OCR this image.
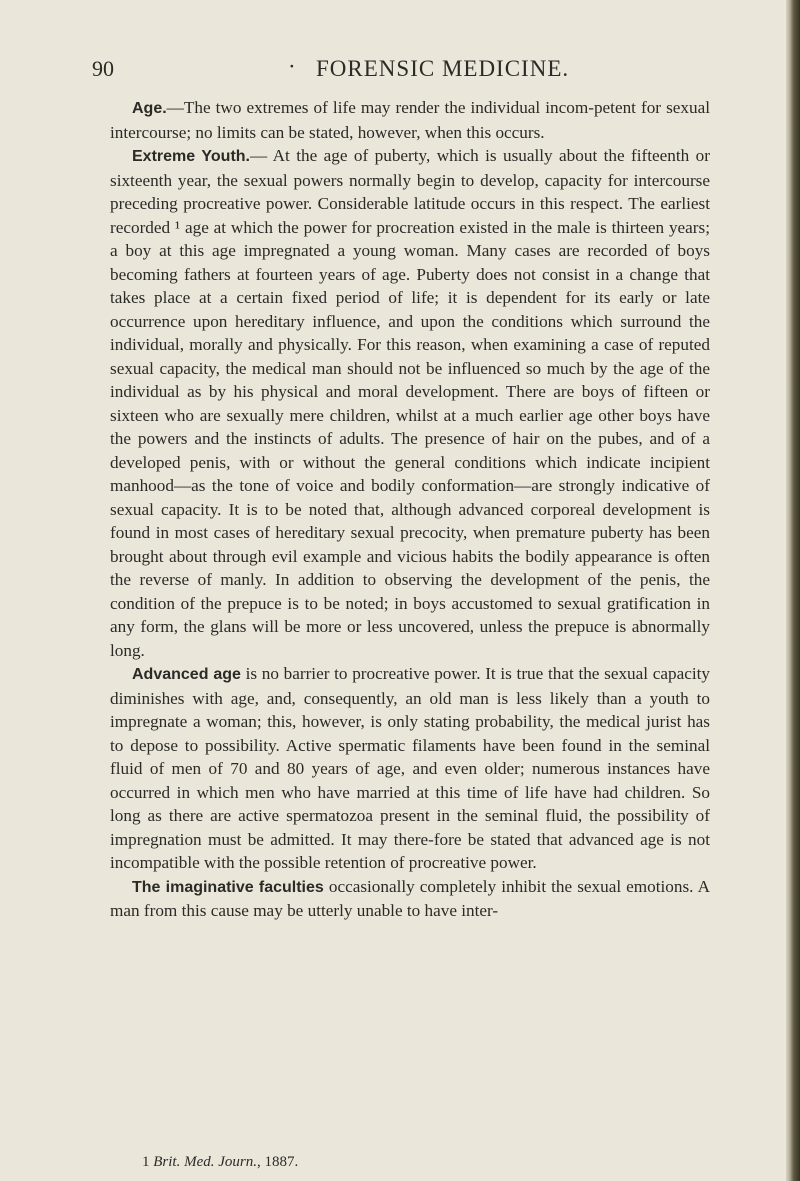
90
·	FORENSIC MEDICINE.

Age.—The two extremes of life may render the individual incom-petent for sexual intercourse; no limits can be stated, however, when this occurs.

Extreme Youth.— At the age of puberty, which is usually about the fifteenth or sixteenth year, the sexual powers normally begin to develop, capacity for intercourse preceding procreative power. Considerable latitude occurs in this respect. The earliest recorded ¹ age at which the power for procreation existed in the male is thirteen years; a boy at this age impregnated a young woman. Many cases are recorded of boys becoming fathers at fourteen years of age. Puberty does not consist in a change that takes place at a certain fixed period of life; it is dependent for its early or late occurrence upon hereditary influence, and upon the conditions which surround the individual, morally and physically. For this reason, when examining a case of reputed sexual capacity, the medical man should not be influenced so much by the age of the individual as by his physical and moral development. There are boys of fifteen or sixteen who are sexually mere children, whilst at a much earlier age other boys have the powers and the instincts of adults. The presence of hair on the pubes, and of a developed penis, with or without the general conditions which indicate incipient manhood—as the tone of voice and bodily conformation—are strongly indicative of sexual capacity. It is to be noted that, although advanced corporeal development is found in most cases of hereditary sexual precocity, when premature puberty has been brought about through evil example and vicious habits the bodily appearance is often the reverse of manly. In addition to observing the development of the penis, the condition of the prepuce is to be noted; in boys accustomed to sexual gratification in any form, the glans will be more or less uncovered, unless the prepuce is abnormally long.

Advanced age is no barrier to procreative power. It is true that the sexual capacity diminishes with age, and, consequently, an old man is less likely than a youth to impregnate a woman; this, however, is only stating probability, the medical jurist has to depose to possibility. Active spermatic filaments have been found in the seminal fluid of men of 70 and 80 years of age, and even older; numerous instances have occurred in which men who have married at this time of life have had children. So long as there are active spermatozoa present in the seminal fluid, the possibility of impregnation must be admitted. It may there-fore be stated that advanced age is not incompatible with the possible retention of procreative power.

The imaginative faculties occasionally completely inhibit the sexual emotions. A man from this cause may be utterly unable to have inter-

1 Brit. Med. Journ., 1887.
